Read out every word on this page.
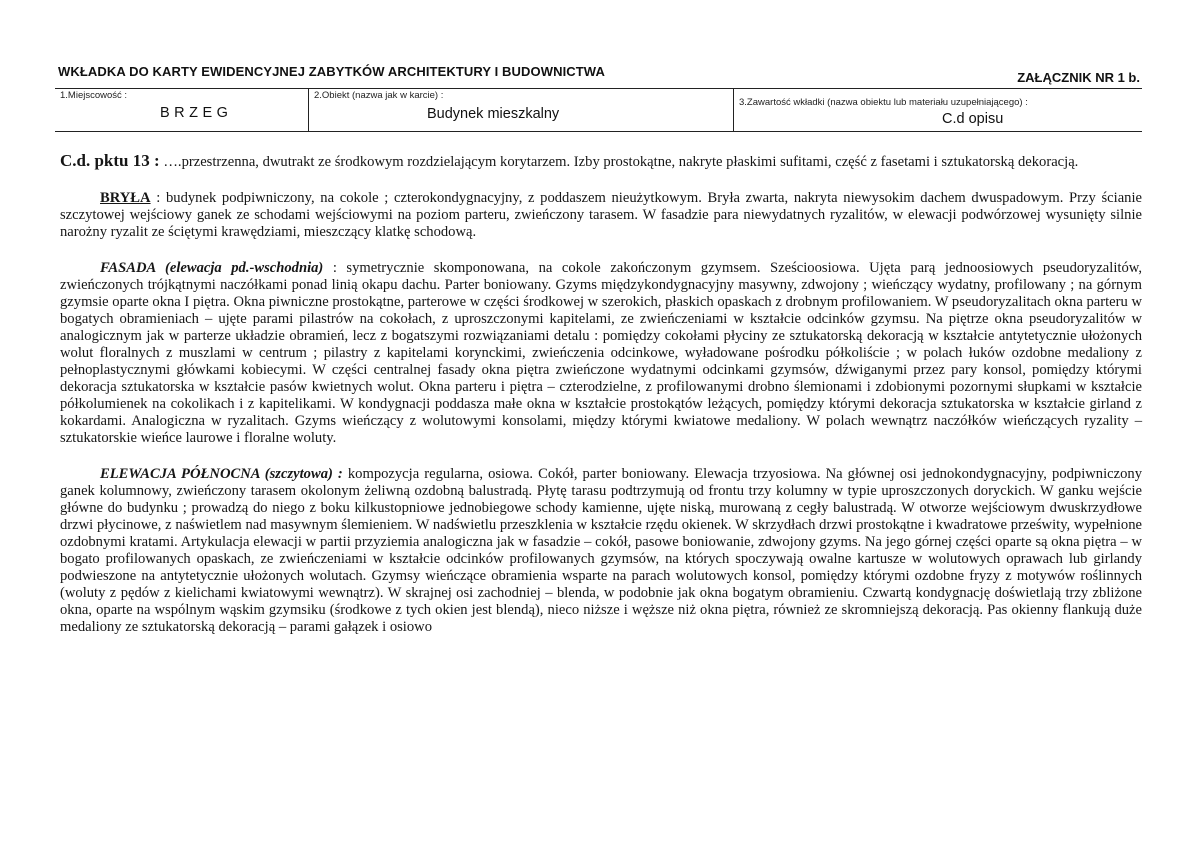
WKŁADKA DO KARTY EWIDENCYJNEJ ZABYTKÓW ARCHITEKTURY I BUDOWNICTWA	ZAŁĄCZNIK NR 1 b.
1.Miejscowość :
BRZEG
2.Obiekt (nazwa jak w karcie) :
Budynek mieszkalny
3.Zawartość wkładki (nazwa obiektu lub materiału uzupełniającego) :
C.d opisu

C.d. pktu 13 : ….przestrzenna, dwutrakt ze środkowym rozdzielającym korytarzem. Izby prostokątne, nakryte płaskimi sufitami, część z fasetami i sztukatorską dekoracją.

BRYŁA : budynek podpiwniczony, na cokole ; czterokondygnacyjny, z poddaszem nieużytkowym. Bryła zwarta, nakryta niewysokim dachem dwuspadowym. Przy ścianie szczytowej wejściowy ganek ze schodami wejściowymi na poziom parteru, zwieńczony tarasem. W fasadzie para niewydatnych ryzalitów, w elewacji podwórzowej wysunięty silnie narożny ryzalit ze ściętymi krawędziami, mieszczący klatkę schodową.

FASADA (elewacja pd.-wschodnia) : symetrycznie skomponowana, na cokole zakończonym gzymsem. Sześcioosiowa. Ujęta parą jednoosiowych pseudoryzalitów, zwieńczonych trójkątnymi naczółkami ponad linią okapu dachu. Parter boniowany. Gzyms międzykondygnacyjny masywny, zdwojony ; wieńczący wydatny, profilowany ; na górnym gzymsie oparte okna I piętra. Okna piwniczne prostokątne, parterowe w części środkowej w szerokich, płaskich opaskach z drobnym profilowaniem. W pseudoryzalitach okna parteru w bogatych obramieniach – ujęte parami pilastrów na cokołach, z uproszczonymi kapitelami, ze zwieńczeniami w kształcie odcinków gzymsu. Na piętrze okna pseudoryzalitów w analogicznym jak w parterze układzie obramień, lecz z bogatszymi rozwiązaniami detalu : pomiędzy cokołami płyciny ze sztukatorską dekoracją w kształcie antytetycznie ułożonych wolut floralnych z muszlami w centrum ; pilastry z kapitelami korynckimi, zwieńczenia odcinkowe, wyładowane pośrodku półkoliście ; w polach łuków ozdobne medaliony z pełnoplastycznymi główkami kobiecymi. W części centralnej fasady okna piętra zwieńczone wydatnymi odcinkami gzymsów, dźwiganymi przez pary konsol, pomiędzy którymi dekoracja sztukatorska w kształcie pasów kwietnych wolut. Okna parteru i piętra – czterodzielne, z profilowanymi drobno ślemionami i zdobionymi pozornymi słupkami w kształcie półkolumienek na cokolikach i z kapitelikami. W kondygnacji poddasza małe okna w kształcie prostokątów leżących, pomiędzy którymi dekoracja sztukatorska w kształcie girland z kokardami. Analogiczna w ryzalitach. Gzyms wieńczący z wolutowymi konsolami, między którymi kwiatowe medaliony. W polach wewnątrz naczółków wieńczących ryzality –sztukatorskie wieńce laurowe i floralne woluty.

ELEWACJA PÓŁNOCNA (szczytowa) : kompozycja regularna, osiowa. Cokół, parter boniowany. Elewacja trzyosiowa. Na głównej osi jednokondygnacyjny, podpiwniczony ganek kolumnowy, zwieńczony tarasem okolonym żeliwną ozdobną balustradą. Płytę tarasu podtrzymują od frontu trzy kolumny w typie uproszczonych doryckich. W ganku wejście główne do budynku ; prowadzą do niego z boku kilkustopniowe jednobiegowe schody kamienne, ujęte niską, murowaną z cegły balustradą. W otworze wejściowym dwuskrzydłowe drzwi płycinowe, z naświetlem nad masywnym ślemieniem. W nadświetlu przeszklenia w kształcie rzędu okienek. W skrzydłach drzwi prostokątne i kwadratowe prześwity, wypełnione ozdobnymi kratami. Artykulacja elewacji w partii przyziemia analogiczna jak w fasadzie – cokół, pasowe boniowanie, zdwojony gzyms. Na jego górnej części oparte są okna piętra – w bogato profilowanych opaskach, ze zwieńczeniami w kształcie odcinków profilowanych gzymsów, na których spoczywają owalne kartusze w wolutowych oprawach lub girlandy podwieszone na antytetycznie ułożonych wolutach. Gzymsy wieńczące obramienia wsparte na parach wolutowych konsol, pomiędzy którymi ozdobne fryzy z motywów roślinnych (woluty z pędów z kielichami kwiatowymi wewnątrz). W skrajnej osi zachodniej – blenda, w podobnie jak okna bogatym obramieniu. Czwartą kondygnację doświetlają trzy zbliżone okna, oparte na wspólnym wąskim gzymsiku (środkowe z tych okien jest blendą), nieco niższe i węższe niż okna piętra, również ze skromniejszą dekoracją. Pas okienny flankują duże medaliony ze sztukatorską dekoracją – parami gałązek i osiowo
